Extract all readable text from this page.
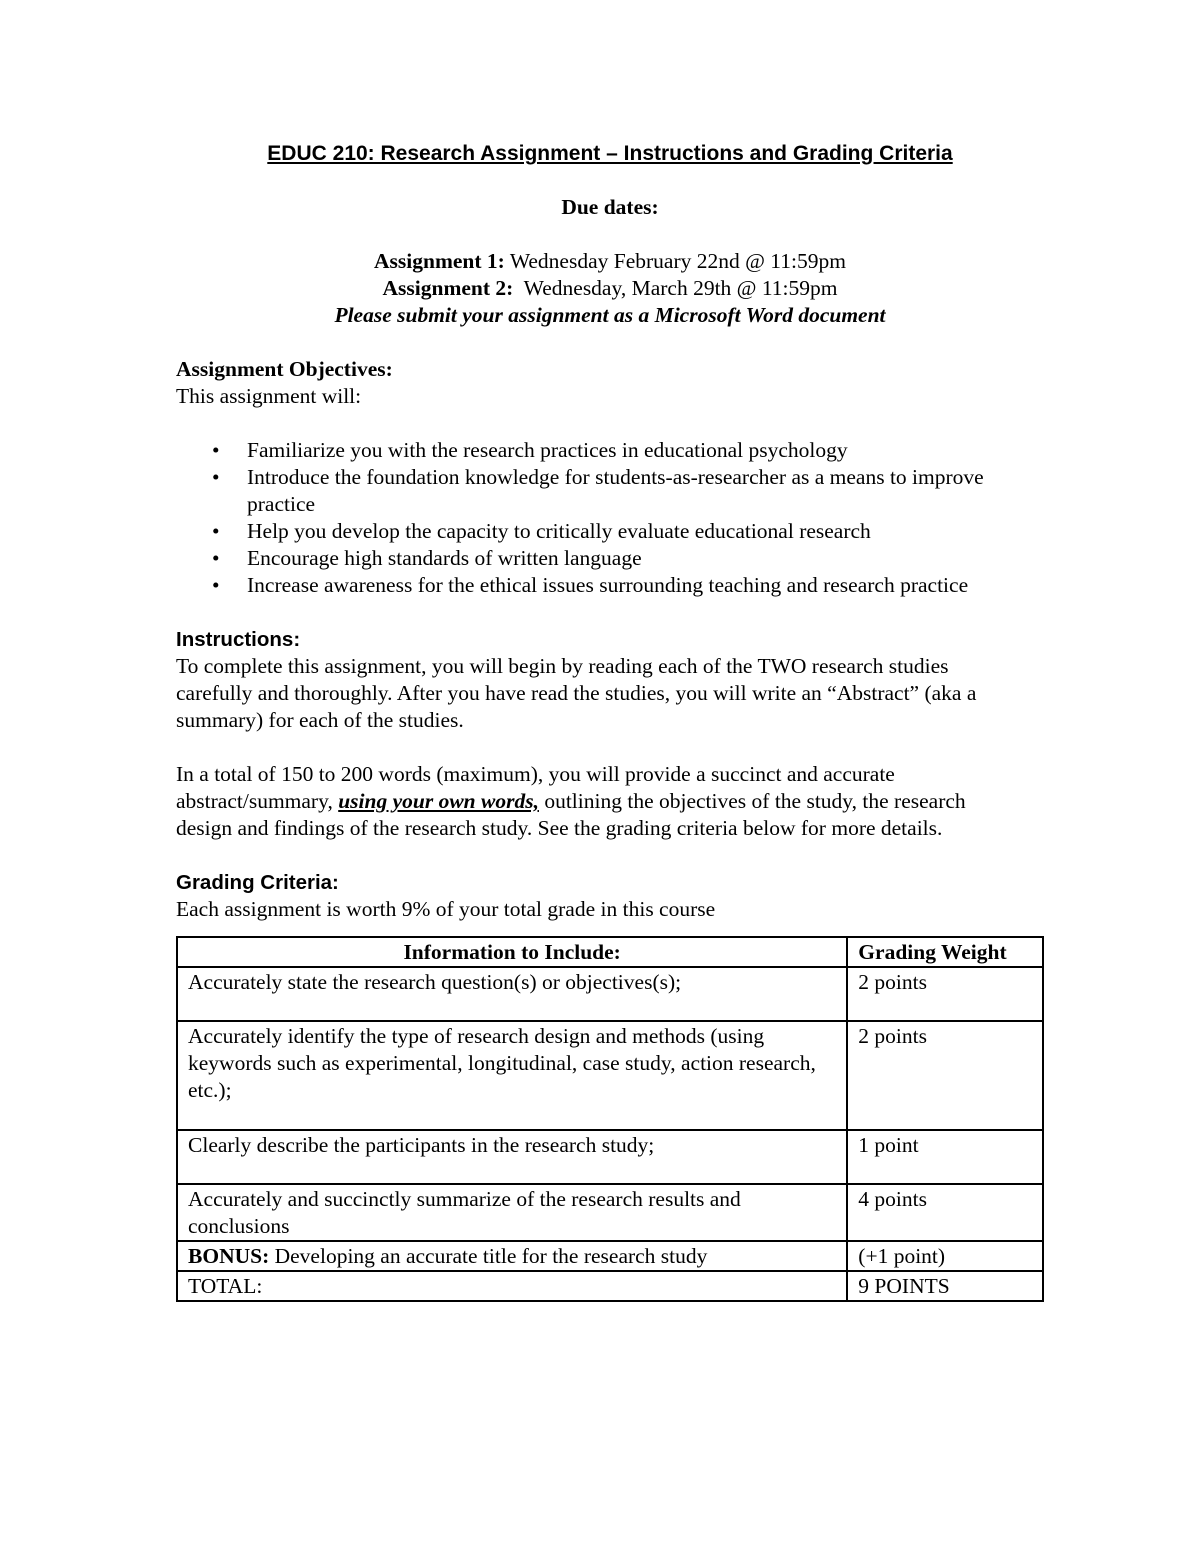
EDUC 210: Research Assignment – Instructions and Grading Criteria
Due dates:
Assignment 1: Wednesday February 22nd @ 11:59pm
Assignment 2:  Wednesday, March 29th @ 11:59pm
Please submit your assignment as a Microsoft Word document
Assignment Objectives:

This assignment will:

• Familiarize you with the research practices in educational psychology
• Introduce the foundation knowledge for students-as-researcher as a means to improve practice
• Help you develop the capacity to critically evaluate educational research
• Encourage high standards of written language
• Increase awareness for the ethical issues surrounding teaching and research practice
Instructions:

To complete this assignment, you will begin by reading each of the TWO research studies carefully and thoroughly. After you have read the studies, you will write an “Abstract” (aka a summary) for each of the studies.

In a total of 150 to 200 words (maximum), you will provide a succinct and accurate abstract/summary, using your own words, outlining the objectives of the study, the research design and findings of the research study. See the grading criteria below for more details.

Grading Criteria:

Each assignment is worth 9% of your total grade in this course

Information to Include:	Grading Weight
Accurately state the research question(s) or objectives(s);	2 points
Accurately identify the type of research design and methods (using keywords such as experimental, longitudinal, case study, action research, etc.);	2 points
Clearly describe the participants in the research study;	1 point
Accurately and succinctly summarize of the research results and conclusions	4 points
BONUS: Developing an accurate title for the research study	(+1 point)
TOTAL:	9 POINTS
